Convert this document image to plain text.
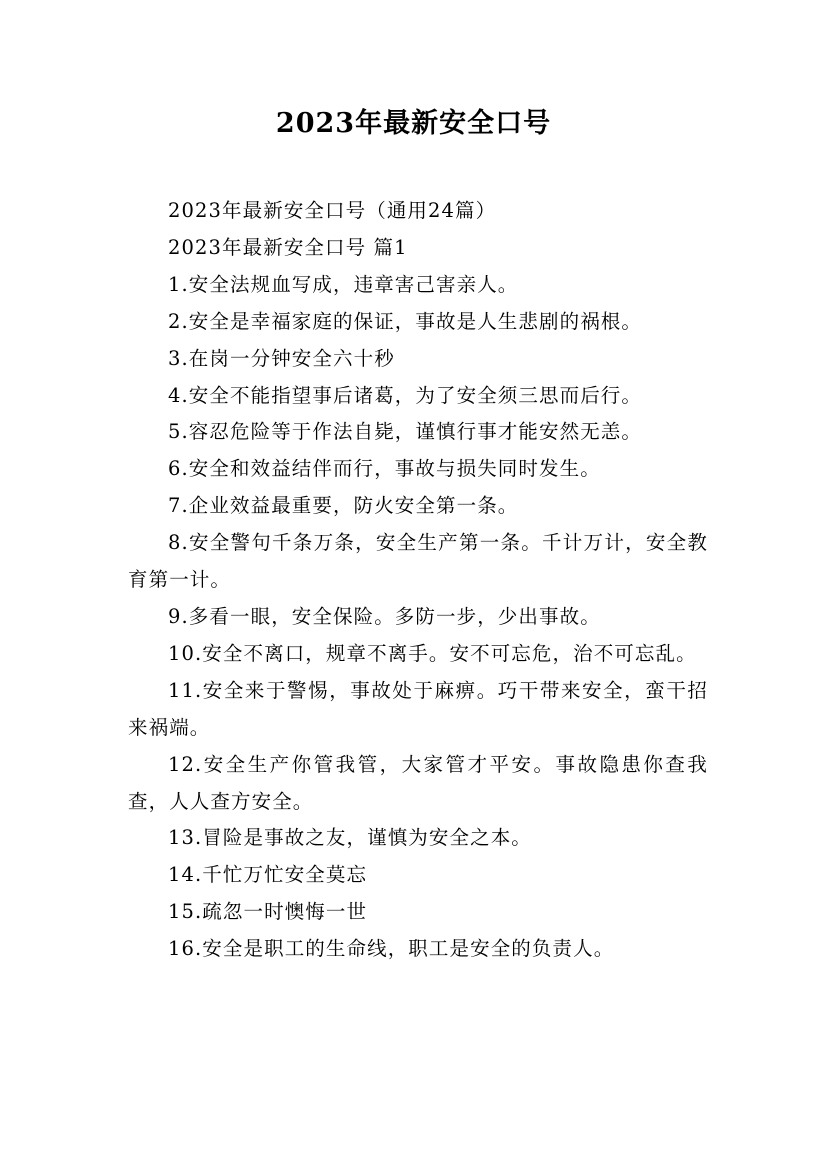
2023年最新安全口号

2023年最新安全口号（通用24篇）

2023年最新安全口号 篇1

1.安全法规血写成，违章害己害亲人。

2.安全是幸福家庭的保证，事故是人生悲剧的祸根。

3.在岗一分钟安全六十秒

4.安全不能指望事后诸葛，为了安全须三思而后行。

5.容忍危险等于作法自毙，谨慎行事才能安然无恙。

6.安全和效益结伴而行，事故与损失同时发生。

7.企业效益最重要，防火安全第一条。

8.安全警句千条万条，安全生产第一条。千计万计，安全教育第一计。

9.多看一眼，安全保险。多防一步，少出事故。

10.安全不离口，规章不离手。安不可忘危，治不可忘乱。

11.安全来于警惕，事故处于麻痹。巧干带来安全，蛮干招来祸端。

12.安全生产你管我管，大家管才平安。事故隐患你查我查，人人查方安全。

13.冒险是事故之友，谨慎为安全之本。

14.千忙万忙安全莫忘

15.疏忽一时懊悔一世

16.安全是职工的生命线，职工是安全的负责人。
